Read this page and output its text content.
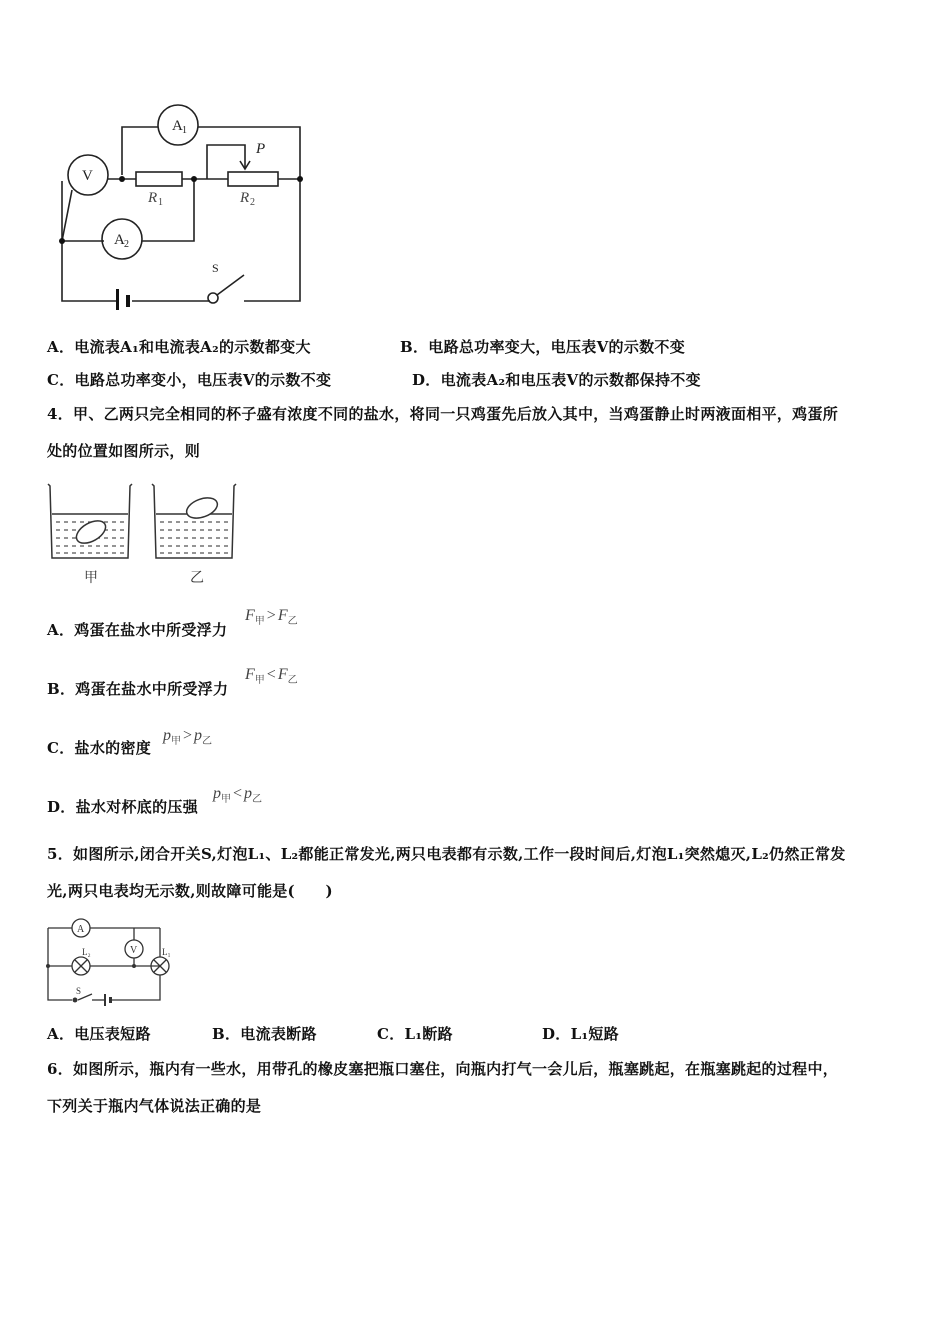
A 1
V
A 2
R 1	R 2
P
S
A．电流表A₁和电流表A₂的示数都变大	B．电路总功率变大，电压表V的示数不变
C．电路总功率变小，电压表V的示数不变	D．电流表A₂和电压表V的示数都保持不变
4．甲、乙两只完全相同的杯子盛有浓度不同的盐水，将同一只鸡蛋先后放入其中，当鸡蛋静止时两液面相平，鸡蛋所
处的位置如图所示，则
甲	乙
A．鸡蛋在盐水中所受浮力
$F_甲 > F_乙$
B．鸡蛋在盐水中所受浮力
$F_甲 < F_乙$
C．盐水的密度
$p_甲 > p_乙$
D．盐水对杯底的压强
$p_甲 < p_乙$
5．如图所示,闭合开关S,灯泡L₁、L₂都能正常发光,两只电表都有示数,工作一段时间后,灯泡L₁突然熄灭,L₂仍然正常发
光,两只电表均无示数,则故障可能是(　　)
A
V
L₂	L₁
S
A．电压表短路	B．电流表断路	C．L₁断路	D．L₁短路
6．如图所示，瓶内有一些水，用带孔的橡皮塞把瓶口塞住，向瓶内打气一会儿后，瓶塞跳起，在瓶塞跳起的过程中，
下列关于瓶内气体说法正确的是
